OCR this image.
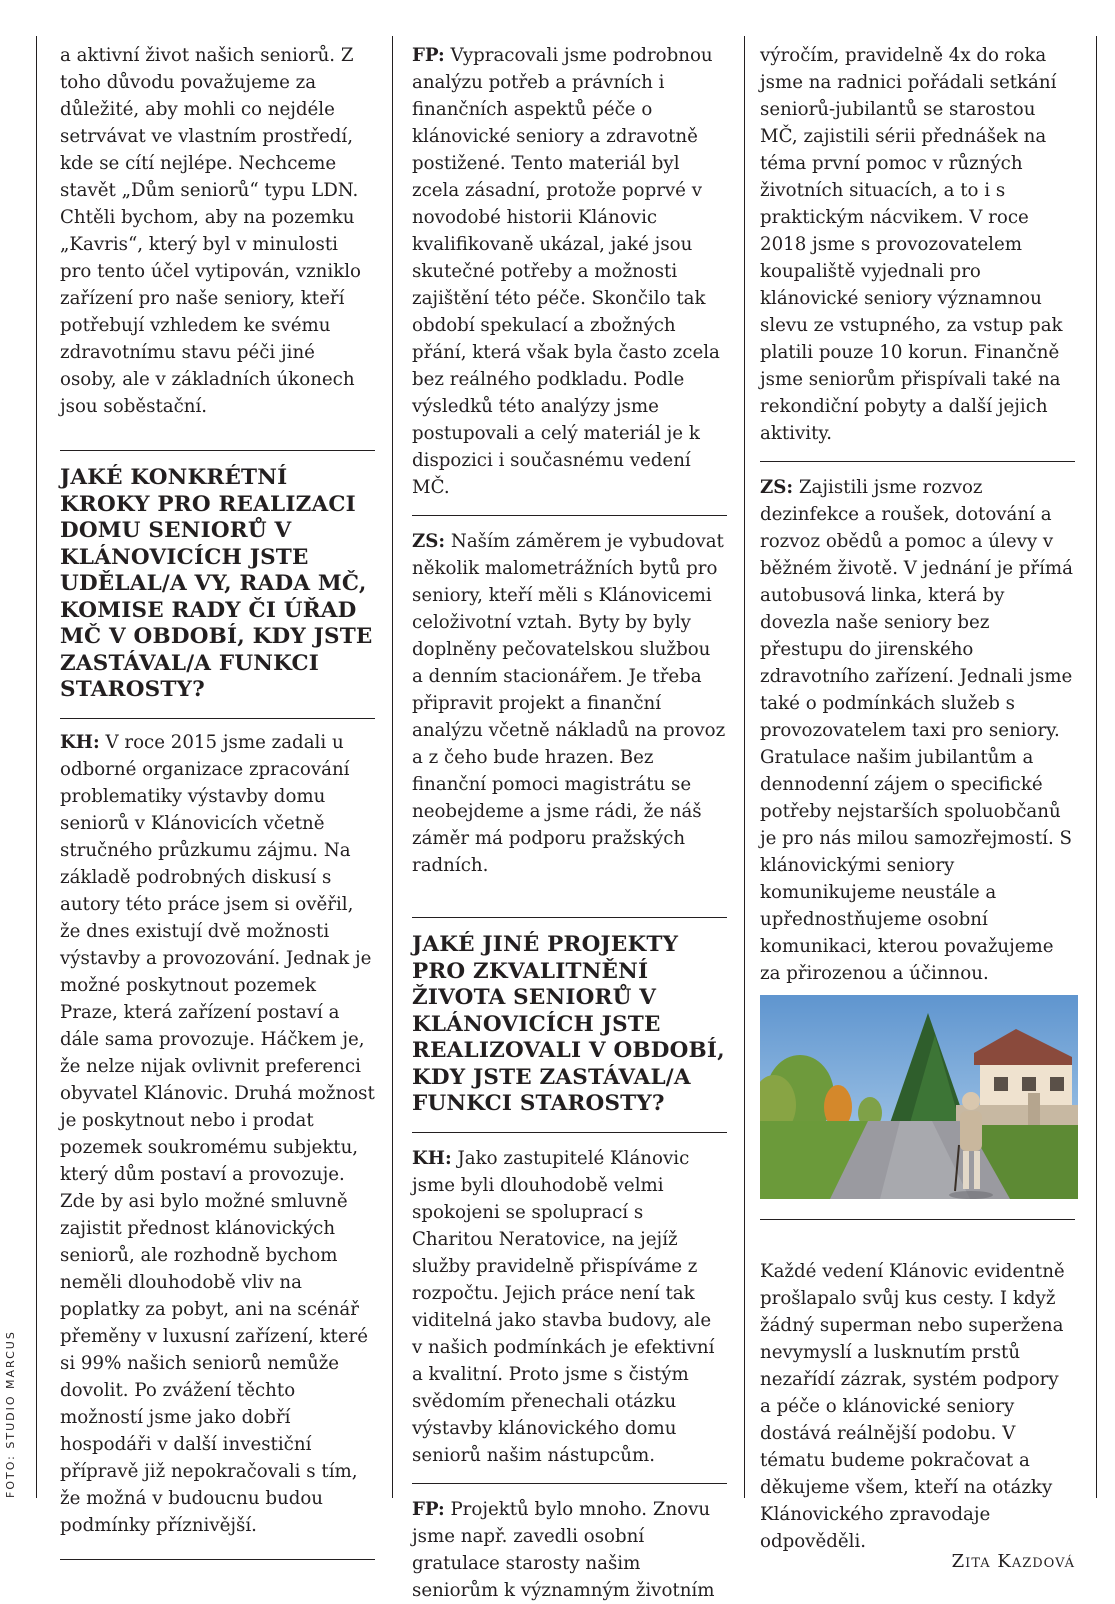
FOTO: STUDIO MARCUS

a aktivní život našich seniorů. Z toho důvodu považujeme za důležité, aby mohli co nejdéle setrvávat ve vlastním prostředí, kde se cítí nejlépe. Nechceme stavět „Dům seniorů“ typu LDN. Chtěli bychom, aby na pozemku „Kavris“, který byl v minulosti pro tento účel vytipován, vzniklo zařízení pro naše seniory, kteří potřebují vzhledem ke svému zdravotnímu stavu péči jiné osoby, ale v základních úkonech jsou soběstační.

JAKÉ KONKRÉTNÍ KROKY PRO REALIZACI DOMU SENIORŮ V KLÁNOVICÍCH JSTE UDĚLAL/A VY, RADA MČ, KOMISE RADY ČI ÚŘAD MČ V OBDOBÍ, KDY JSTE ZASTÁVAL/A FUNKCI STAROSTY?

KH: V roce 2015 jsme zadali u odborné organizace zpracování problematiky výstavby domu seniorů v Klánovicích včetně stručného průzkumu zájmu. Na základě podrobných diskusí s autory této práce jsem si ověřil, že dnes existují dvě možnosti výstavby a provozování. Jednak je možné poskytnout pozemek Praze, která zařízení postaví a dále sama provozuje. Háčkem je, že nelze nijak ovlivnit preferenci obyvatel Klánovic. Druhá možnost je poskytnout nebo i prodat pozemek soukromému subjektu, který dům postaví a provozuje. Zde by asi bylo možné smluvně zajistit přednost klánovických seniorů, ale rozhodně bychom neměli dlouhodobě vliv na poplatky za pobyt, ani na scénář přeměny v luxusní zařízení, které si 99% našich seniorů nemůže dovolit. Po zvážení těchto možností jsme jako dobří hospodáři v další investiční přípravě již nepokračovali s tím, že možná v budoucnu budou podmínky příznivější.

FP: Vypracovali jsme podrobnou analýzu potřeb a právních i finančních aspektů péče o klánovické seniory a zdravotně postižené. Tento materiál byl zcela zásadní, protože poprvé v novodobé historii Klánovic kvalifikovaně ukázal, jaké jsou skutečné potřeby a možnosti zajištění této péče. Skončilo tak období spekulací a zbožných přání, která však byla často zcela bez reálného podkladu. Podle výsledků této analýzy jsme postupovali a celý materiál je k dispozici i současnému vedení MČ.

ZS: Naším záměrem je vybudovat několik malometrážních bytů pro seniory, kteří měli s Klánovicemi celoživotní vztah. Byty by byly doplněny pečovatelskou službou a denním stacionářem. Je třeba připravit projekt a finanční analýzu včetně nákladů na provoz a z čeho bude hrazen. Bez finanční pomoci magistrátu se neobejdeme a jsme rádi, že náš záměr má podporu pražských radních.

JAKÉ JINÉ PROJEKTY PRO ZKVALITNĚNÍ ŽIVOTA SENIORŮ V KLÁNOVICÍCH JSTE REALIZOVALI V OBDOBÍ, KDY JSTE ZASTÁVAL/A FUNKCI STAROSTY?

KH: Jako zastupitelé Klánovic jsme byli dlouhodobě velmi spokojeni se spoluprací s Charitou Neratovice, na jejíž služby pravidelně přispíváme z rozpočtu. Jejich práce není tak viditelná jako stavba budovy, ale v našich podmínkách je efektivní a kvalitní. Proto jsme s čistým svědomím přenechali otázku výstavby klánovického domu seniorů našim nástupcům.

FP: Projektů bylo mnoho. Znovu jsme např. zavedli osobní gratulace starosty našim seniorům k významným životním

výročím, pravidelně 4x do roka jsme na radnici pořádali setkání seniorů-jubilantů se starostou MČ, zajistili sérii přednášek na téma první pomoc v různých životních situacích, a to i s praktickým nácvikem. V roce 2018 jsme s provozovatelem koupaliště vyjednali pro klánovické seniory významnou slevu ze vstupného, za vstup pak platili pouze 10 korun. Finančně jsme seniorům přispívali také na rekondiční pobyty a další jejich aktivity.

ZS: Zajistili jsme rozvoz dezinfekce a roušek, dotování a rozvoz obědů a pomoc a úlevy v běžném životě. V jednání je přímá autobusová linka, která by dovezla naše seniory bez přestupu do jirenského zdravotního zařízení. Jednali jsme také o podmínkách služeb s provozovatelem taxi pro seniory. Gratulace našim jubilantům a dennodenní zájem o specifické potřeby nejstarších spoluobčanů je pro nás milou samozřejmostí. S klánovickými seniory komunikujeme neustále a upřednostňujeme osobní komunikaci, kterou považujeme za přirozenou a účinnou.

Každé vedení Klánovic evidentně prošlapalo svůj kus cesty. I když žádný superman nebo superžena nevymyslí a lusknutím prstů nezařídí zázrak, systém podpory a péče o klánovické seniory dostává reálnější podobu. V tématu budeme pokračovat a děkujeme všem, kteří na otázky Klánovického zpravodaje odpověděli.

Zita Kazdová
